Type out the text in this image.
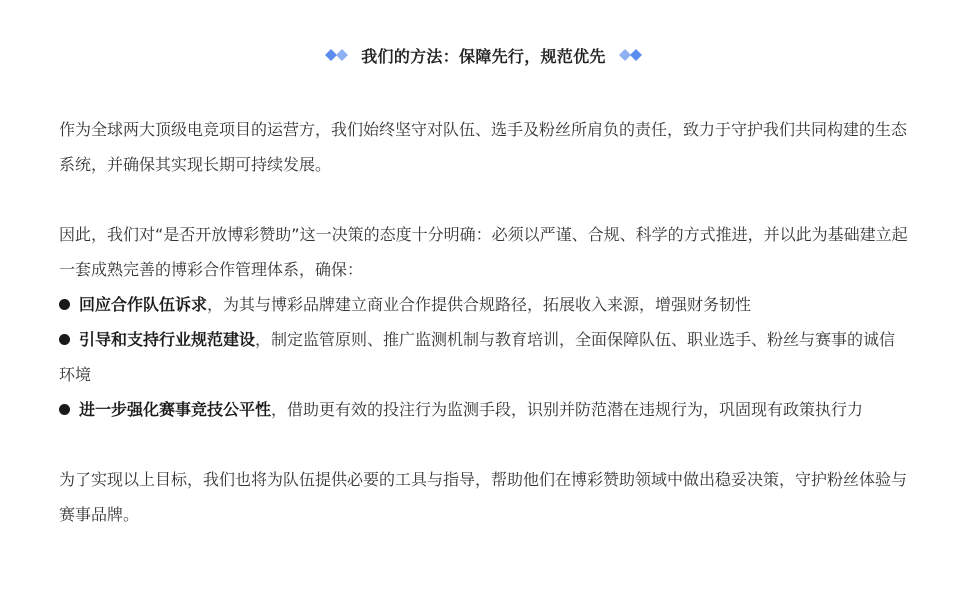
我们的方法：保障先行，规范优先

作为全球两大顶级电竞项目的运营方，我们始终坚守对队伍、选手及粉丝所肩负的责任，致力于守护我们共同构建的生态系统，并确保其实现长期可持续发展。

因此，我们对“是否开放博彩赞助”这一决策的态度十分明确：必须以严谨、合规、科学的方式推进，并以此为基础建立起一套成熟完善的博彩合作管理体系，确保：

回应合作队伍诉求，为其与博彩品牌建立商业合作提供合规路径，拓展收入来源，增强财务韧性
引导和支持行业规范建设，制定监管原则、推广监测机制与教育培训，全面保障队伍、职业选手、粉丝与赛事的诚信环境
进一步强化赛事竞技公平性，借助更有效的投注行为监测手段，识别并防范潜在违规行为，巩固现有政策执行力

为了实现以上目标，我们也将为队伍提供必要的工具与指导，帮助他们在博彩赞助领域中做出稳妥决策，守护粉丝体验与赛事品牌。
